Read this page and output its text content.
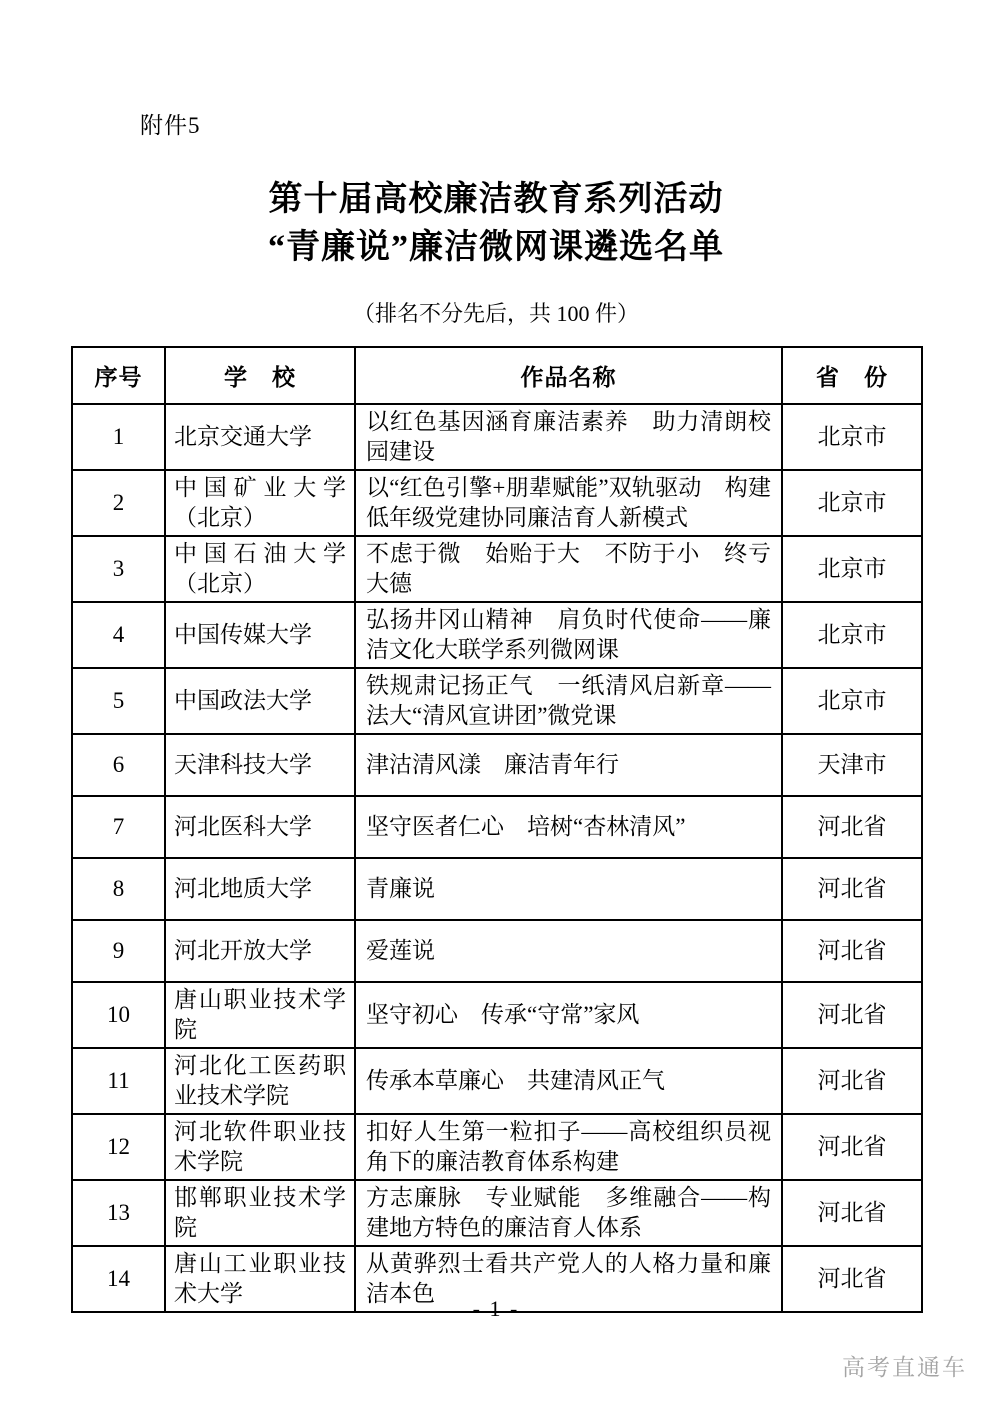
附件5
第十届高校廉洁教育系列活动
“青廉说”廉洁微网课遴选名单
（排名不分先后，共 100 件）
序号	学　校	作品名称	省　份
1	北京交通大学	以红色基因涵育廉洁素养　助力清朗校园建设	北京市
2	中国矿业大学（北京）	以“红色引擎+朋辈赋能”双轨驱动　构建低年级党建协同廉洁育人新模式	北京市
3	中国石油大学（北京）	不虑于微　始贻于大　不防于小　终亏大德	北京市
4	中国传媒大学	弘扬井冈山精神　肩负时代使命——廉洁文化大联学系列微网课	北京市
5	中国政法大学	铁规肃记扬正气　一纸清风启新章——法大“清风宣讲团”微党课	北京市
6	天津科技大学	津沽清风漾　廉洁青年行	天津市
7	河北医科大学	坚守医者仁心　培树“杏林清风”	河北省
8	河北地质大学	青廉说	河北省
9	河北开放大学	爱莲说	河北省
10	唐山职业技术学院	坚守初心　传承“守常”家风	河北省
11	河北化工医药职业技术学院	传承本草廉心　共建清风正气	河北省
12	河北软件职业技术学院	扣好人生第一粒扣子——高校组织员视角下的廉洁教育体系构建	河北省
13	邯郸职业技术学院	方志廉脉　专业赋能　多维融合——构建地方特色的廉洁育人体系	河北省
14	唐山工业职业技术大学	从黄骅烈士看共产党人的人格力量和廉洁本色	河北省
- 1 -
高考直通车
